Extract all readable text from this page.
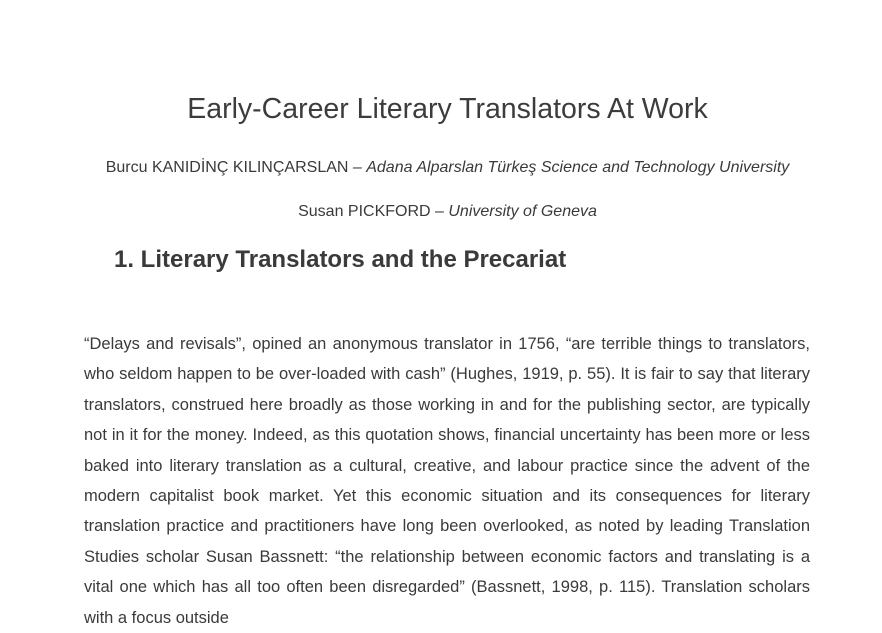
Early-Career Literary Translators At Work

Burcu KANIDİNÇ KILINÇARSLAN – Adana Alparslan Türkeş Science and Technology University

Susan PICKFORD – University of Geneva

1. Literary Translators and the Precariat

“Delays and revisals”, opined an anonymous translator in 1756, “are terrible things to translators, who seldom happen to be over-loaded with cash” (Hughes, 1919, p. 55). It is fair to say that literary translators, construed here broadly as those working in and for the publishing sector, are typically not in it for the money. Indeed, as this quotation shows, financial uncertainty has been more or less baked into literary translation as a cultural, creative, and labour practice since the advent of the modern capitalist book market. Yet this economic situation and its consequences for literary translation practice and practitioners have long been overlooked, as noted by leading Translation Studies scholar Susan Bassnett: “the relationship between economic factors and translating is a vital one which has all too often been disregarded” (Bassnett, 1998, p. 115). Translation scholars with a focus outside
